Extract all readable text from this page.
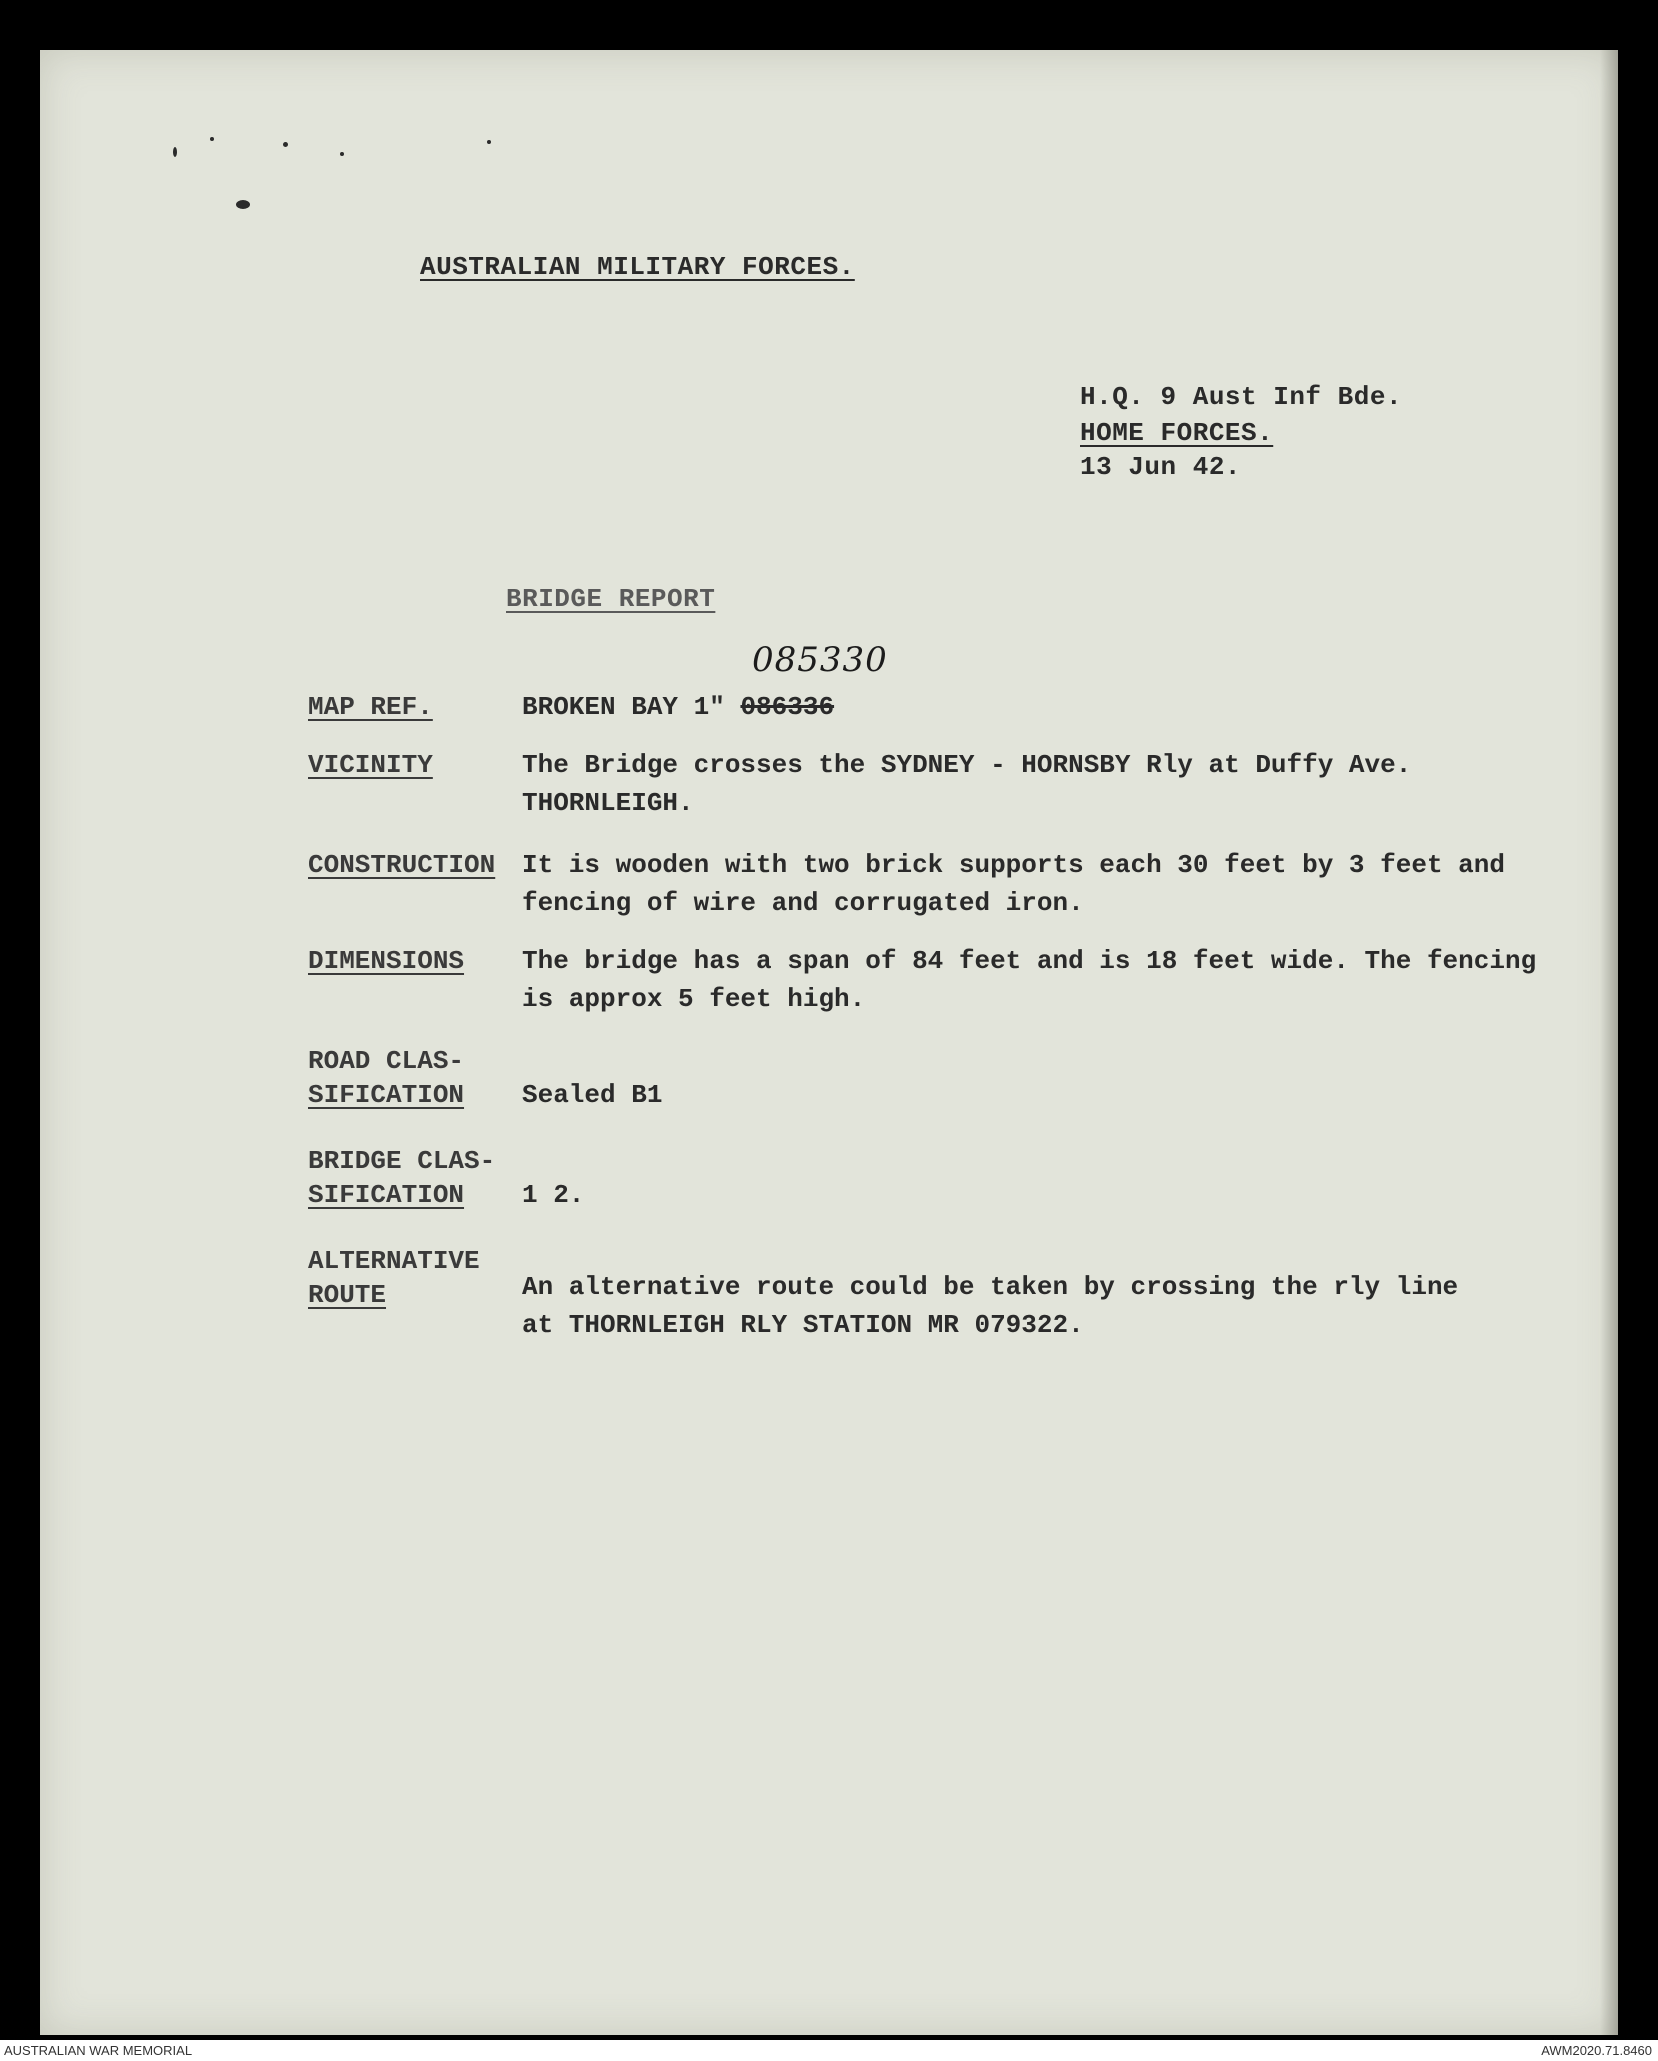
AUSTRALIAN MILITARY FORCES.
H.Q. 9 Aust Inf Bde.
HOME FORCES.
13 Jun 42.
BRIDGE REPORT
085330
MAP REF.	BROKEN BAY 1" 086336
VICINITY	The Bridge crosses the SYDNEY - HORNSBY Rly at Duffy Ave. THORNLEIGH.
CONSTRUCTION	It is wooden with two brick supports each 30 feet by 3 feet and fencing of wire and corrugated iron.
DIMENSIONS	The bridge has a span of 84 feet and is 18 feet wide. The fencing is approx 5 feet high.
ROAD CLAS-
SIFICATION	Sealed B1
BRIDGE CLAS-
SIFICATION	1 2.
ALTERNATIVE
ROUTE	An alternative route could be taken by crossing the rly line at THORNLEIGH RLY STATION MR 079322.
AUSTRALIAN WAR MEMORIAL	AWM2020.71.8460
